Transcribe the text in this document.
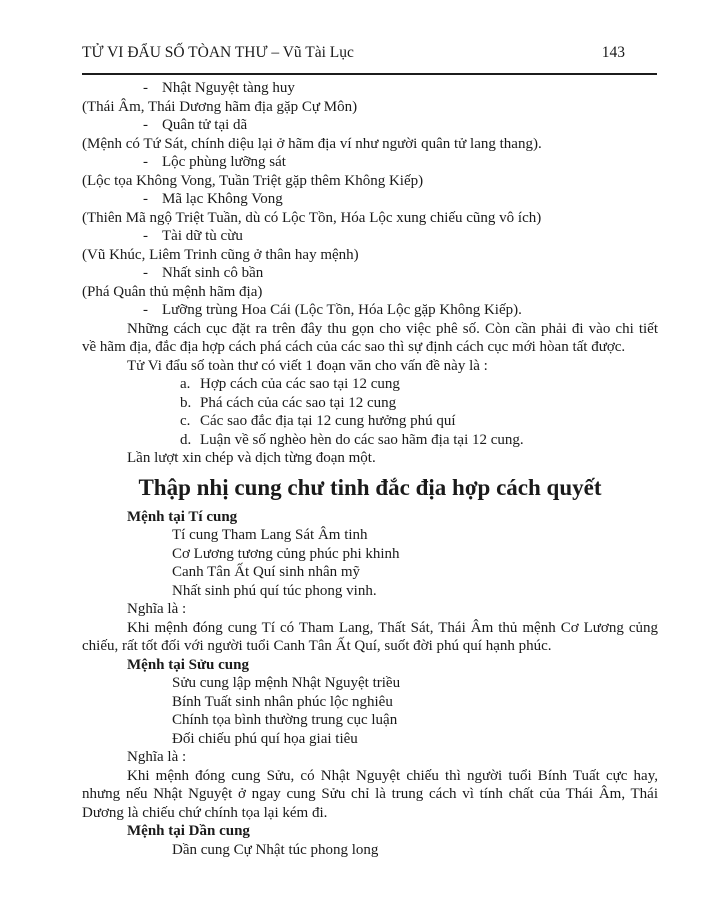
TỬ VI ĐẨU SỐ TÒAN THƯ – Vũ Tài Lục	143
- Nhật Nguyệt tàng huy
(Thái Âm, Thái Dương hãm địa gặp Cự Môn)
- Quân tử tại dã
(Mệnh có Tứ Sát, chính diệu lại ở hãm địa ví như người quân tử lang thang).
- Lộc phùng lưỡng sát
(Lộc tọa Không Vong, Tuần Triệt gặp thêm Không Kiếp)
- Mã lạc Không Vong
(Thiên Mã ngộ Triệt Tuần, dù có Lộc Tồn, Hóa Lộc xung chiếu cũng vô ích)
- Tài dữ tù cừu
(Vũ Khúc, Liêm Trinh cũng ở thân hay mệnh)
- Nhất sinh cô bần
(Phá Quân thủ mệnh hãm địa)
- Lưỡng trùng Hoa Cái (Lộc Tồn, Hóa Lộc gặp Không Kiếp).
Những cách cục đặt ra trên đây thu gọn cho việc phê số. Còn cần phải đi vào chi tiết
về hãm địa, đắc địa hợp cách phá cách của các sao thì sự định cách cục mới hòan tất được.
Tử Vi đẩu số toàn thư có viết 1 đoạn văn cho vấn đề này là :
a. Hợp cách của các sao tại 12 cung
b. Phá cách của các sao tại 12 cung
c. Các sao đắc địa tại 12 cung hưởng phú quí
d. Luận về số nghèo hèn do các sao hãm địa tại 12 cung.
Lần lượt xin chép và dịch từng đoạn một.
Thập nhị cung chư tinh đắc địa hợp cách quyết
Mệnh tại Tí cung
Tí cung Tham Lang Sát Âm tinh
Cơ Lương tương củng phúc phi khinh
Canh Tân Ất Quí sinh nhân mỹ
Nhất sinh phú quí túc phong vinh.
Nghĩa là :
Khi mệnh đóng cung Tí có Tham Lang, Thất Sát, Thái Âm thủ mệnh Cơ Lương củng
chiếu, rất tốt đối với người tuổi Canh Tân Ất Quí, suốt đời phú quí hạnh phúc.
Mệnh tại Sửu cung
Sửu cung lập mệnh Nhật Nguyệt triều
Bính Tuất sinh nhân phúc lộc nghiêu
Chính tọa bình thường trung cục luận
Đối chiếu phú quí họa giai tiêu
Nghĩa là :
Khi mệnh đóng cung Sửu, có Nhật Nguyệt chiếu thì người tuổi Bính Tuất cực hay,
nhưng nếu Nhật Nguyệt ở ngay cung Sửu chỉ là trung cách vì tính chất của Thái Âm, Thái
Dương là chiếu chứ chính tọa lại kém đi.
Mệnh tại Dần cung
Dần cung Cự Nhật túc phong long
